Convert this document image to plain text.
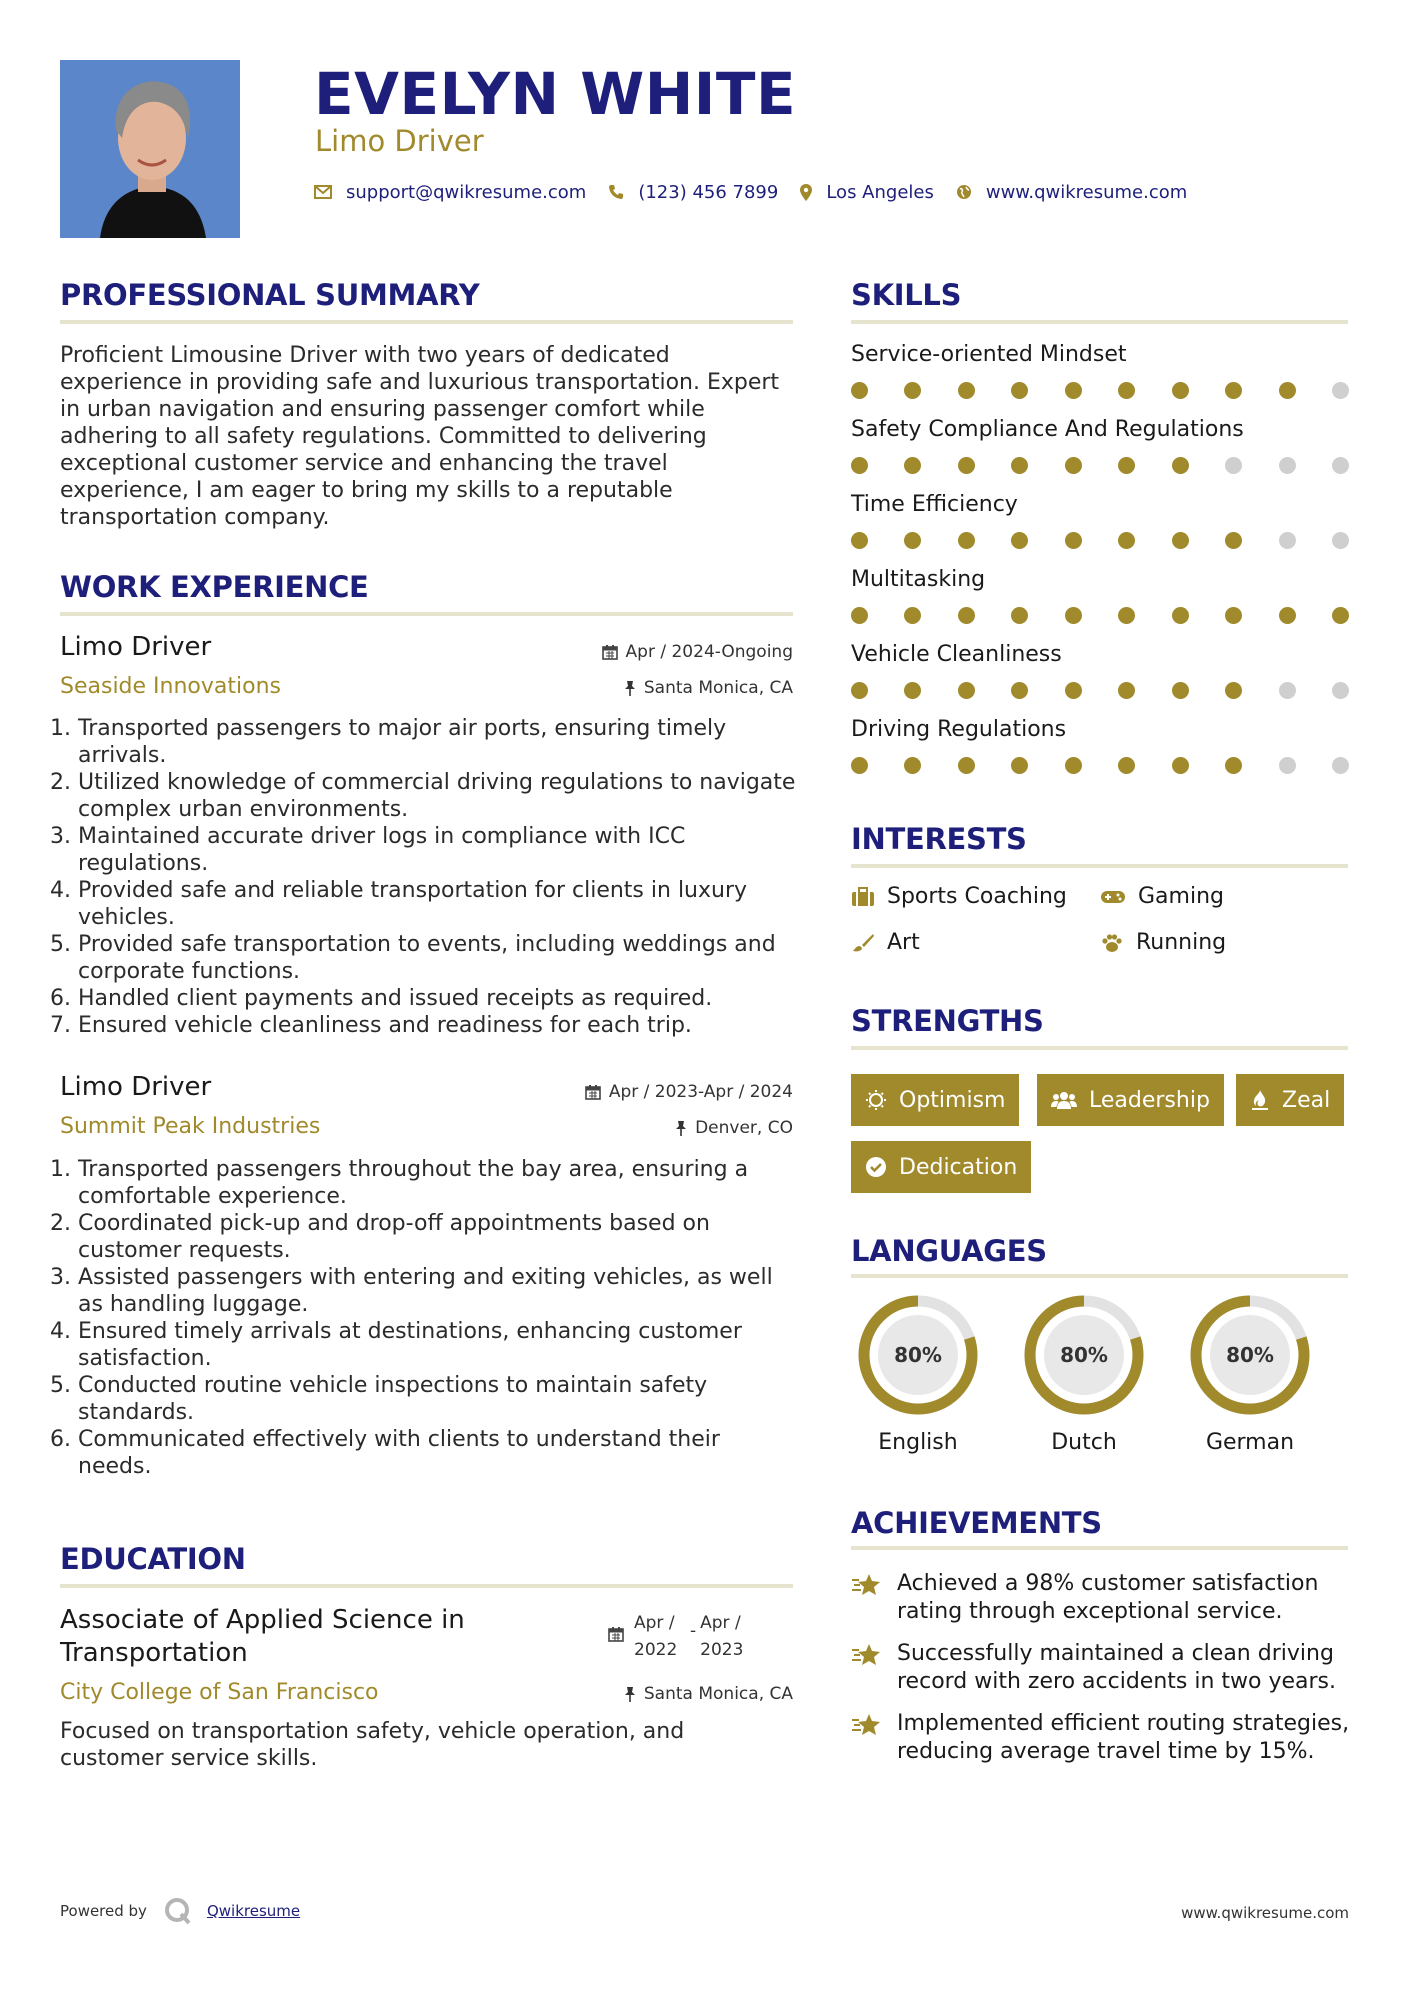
EVELYN WHITE
Limo Driver
support@qwikresume.com	(123) 456 7899	Los Angeles	www.qwikresume.com
PROFESSIONAL SUMMARY
Proficient Limousine Driver with two years of dedicated experience in providing safe and luxurious transportation. Expert in urban navigation and ensuring passenger comfort while adhering to all safety regulations. Committed to delivering exceptional customer service and enhancing the travel experience, I am eager to bring my skills to a reputable transportation company.
WORK EXPERIENCE
Limo Driver	Apr / 2024-Ongoing
Seaside Innovations	Santa Monica, CA
1. Transported passengers to major air ports, ensuring timely arrivals.
2. Utilized knowledge of commercial driving regulations to navigate complex urban environments.
3. Maintained accurate driver logs in compliance with ICC regulations.
4. Provided safe and reliable transportation for clients in luxury vehicles.
5. Provided safe transportation to events, including weddings and corporate functions.
6. Handled client payments and issued receipts as required.
7. Ensured vehicle cleanliness and readiness for each trip.
Limo Driver	Apr / 2023-Apr / 2024
Summit Peak Industries	Denver, CO
1. Transported passengers throughout the bay area, ensuring a comfortable experience.
2. Coordinated pick-up and drop-off appointments based on customer requests.
3. Assisted passengers with entering and exiting vehicles, as well as handling luggage.
4. Ensured timely arrivals at destinations, enhancing customer satisfaction.
5. Conducted routine vehicle inspections to maintain safety standards.
6. Communicated effectively with clients to understand their needs.
EDUCATION
Associate of Applied Science in Transportation
Apr / 2022
- Apr / 2023
City College of San Francisco	Santa Monica, CA
Focused on transportation safety, vehicle operation, and customer service skills.
SKILLS
Service-oriented Mindset
Safety Compliance And Regulations
Time Efficiency
Multitasking
Vehicle Cleanliness
Driving Regulations
INTERESTS
Sports Coaching	Gaming
Art	Running
STRENGTHS
Optimism	Leadership	Zeal
Dedication
LANGUAGES
80%
English
80%
Dutch
80%
German
ACHIEVEMENTS
Achieved a 98% customer satisfaction rating through exceptional service.
Successfully maintained a clean driving record with zero accidents in two years.
Implemented efficient routing strategies, reducing average travel time by 15%.
Powered by	Qwikresume	www.qwikresume.com
